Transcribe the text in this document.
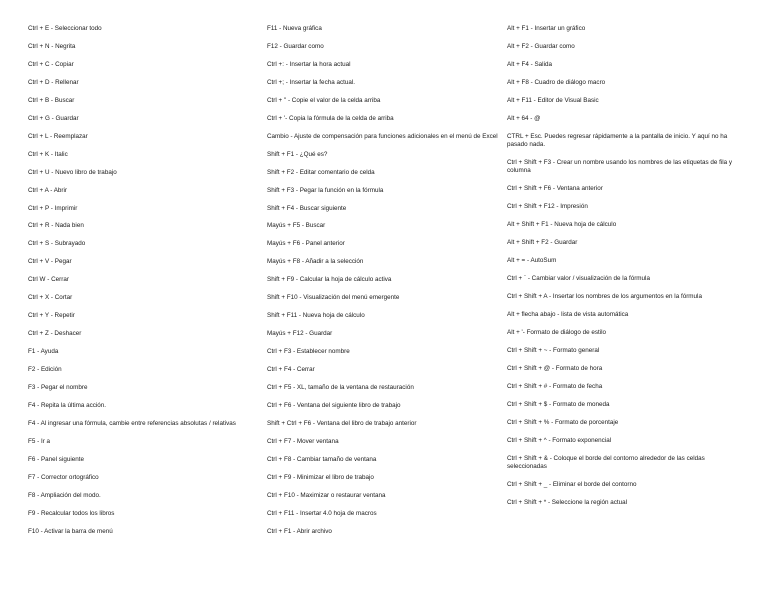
Ctrl + E - Seleccionar todo
Ctrl + N - Negrita
Ctrl + C - Copiar
Ctrl + D - Rellenar
Ctrl + B - Buscar
Ctrl + G - Guardar
Ctrl + L - Reemplazar
Ctrl + K - Italic
Ctrl + U - Nuevo libro de trabajo
Ctrl + A - Abrir
Ctrl + P - Imprimir
Ctrl + R - Nada bien
Ctrl + S - Subrayado
Ctrl + V - Pegar
Ctrl W - Cerrar
Ctrl + X - Cortar
Ctrl + Y - Repetir
Ctrl + Z - Deshacer
F1 - Ayuda
F2 - Edición
F3 - Pegar el nombre
F4 - Repita la última acción.
F4 - Al ingresar una fórmula, cambie entre referencias absolutas / relativas
F5 - Ir a
F6 - Panel siguiente
F7 - Corrector ortográfico
F8 - Ampliación del modo.
F9 - Recalcular todos los libros
F10 - Activar la barra de menú
F11 - Nueva gráfica
F12 - Guardar como
Ctrl +: - Insertar la hora actual
Ctrl +; - Insertar la fecha actual.
Ctrl + " - Copie el valor de la celda arriba
Ctrl + '- Copia la fórmula de la celda de arriba
Cambio - Ajuste de compensación para funciones adicionales en el menú de Excel
Shift + F1 - ¿Qué es?
Shift + F2 - Editar comentario de celda
Shift + F3 - Pegar la función en la fórmula
Shift + F4 - Buscar siguiente
Mayús + F5 - Buscar
Mayús + F6 - Panel anterior
Mayús + F8 - Añadir a la selección
Shift + F9 - Calcular la hoja de cálculo activa
Shift + F10 - Visualización del menú emergente
Shift + F11 - Nueva hoja de cálculo
Mayús + F12 - Guardar
Ctrl + F3 - Establecer nombre
Ctrl + F4 - Cerrar
Ctrl + F5 - XL, tamaño de la ventana de restauración
Ctrl + F6 - Ventana del siguiente libro de trabajo
Shift + Ctrl + F6 - Ventana del libro de trabajo anterior
Ctrl + F7 - Mover ventana
Ctrl + F8 - Cambiar tamaño de ventana
Ctrl + F9 - Minimizar el libro de trabajo
Ctrl + F10 - Maximizar o restaurar ventana
Ctrl + F11 - Insertar 4.0 hoja de macros
Ctrl + F1 - Abrir archivo
Alt + F1 - Insertar un gráfico
Alt + F2 - Guardar como
Alt + F4 - Salida
Alt + F8 - Cuadro de diálogo macro
Alt + F11 - Editor de Visual Basic
Alt + 64 - @
CTRL + Esc. Puedes regresar rápidamente a la pantalla de inicio. Y aquí no ha pasado nada.
Ctrl + Shift + F3 - Crear un nombre usando los nombres de las etiquetas de fila y columna
Ctrl + Shift + F6 - Ventana anterior
Ctrl + Shift + F12 - Impresión
Alt + Shift + F1 - Nueva hoja de cálculo
Alt + Shift + F2 - Guardar
Alt + = - AutoSum
Ctrl + ` - Cambiar valor / visualización de la fórmula
Ctrl + Shift + A - Insertar los nombres de los argumentos en la fórmula
Alt + flecha abajo - lista de vista automática
Alt + '- Formato de diálogo de estilo
Ctrl + Shift + ~ - Formato general
Ctrl + Shift + @ - Formato de hora
Ctrl + Shift + # - Formato de fecha
Ctrl + Shift + $ - Formato de moneda
Ctrl + Shift + % - Formato de porcentaje
Ctrl + Shift + ^ - Formato exponencial
Ctrl + Shift + & - Coloque el borde del contorno alrededor de las celdas seleccionadas
Ctrl + Shift + _ - Eliminar el borde del contorno
Ctrl + Shift + * - Seleccione la región actual
